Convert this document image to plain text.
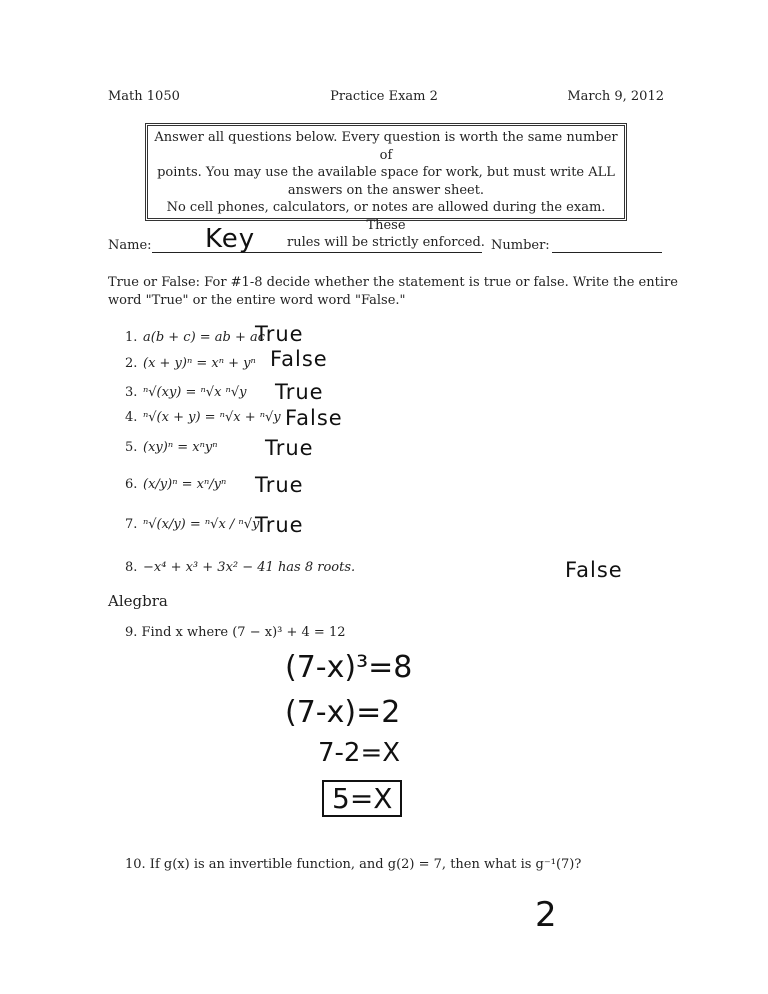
Math 1050	Practice Exam 2	March 9, 2012
Answer all questions below. Every question is worth the same number of
points. You may use the available space for work, but must write ALL
answers on the answer sheet.
No cell phones, calculators, or notes are allowed during the exam. These
rules will be strictly enforced.
Name: Key	Number:
True or False: For #1-8 decide whether the statement is true or false. Write the entire
word "True" or the entire word word "False."
1. a(b + c) = ab + ac
True
2. (x + y)ⁿ = xⁿ + yⁿ False
3. ⁿ√(xy) = ⁿ√x ⁿ√y True
4. ⁿ√(x + y) = ⁿ√x + ⁿ√y False
5. (xy)ⁿ = xⁿyⁿ True
6. (x/y)ⁿ = xⁿ/yⁿ True
7. ⁿ√(x/y) = ⁿ√x / ⁿ√y
True
8. −x⁴ + x³ + 3x² − 41 has 8 roots.	False
Alegbra
9. Find x where (7 − x)³ + 4 = 12
(7-x)³=8
(7-x)=2
7-2=X
5=X
10. If g(x) is an invertible function, and g(2) = 7, then what is g⁻¹(7)?
2
